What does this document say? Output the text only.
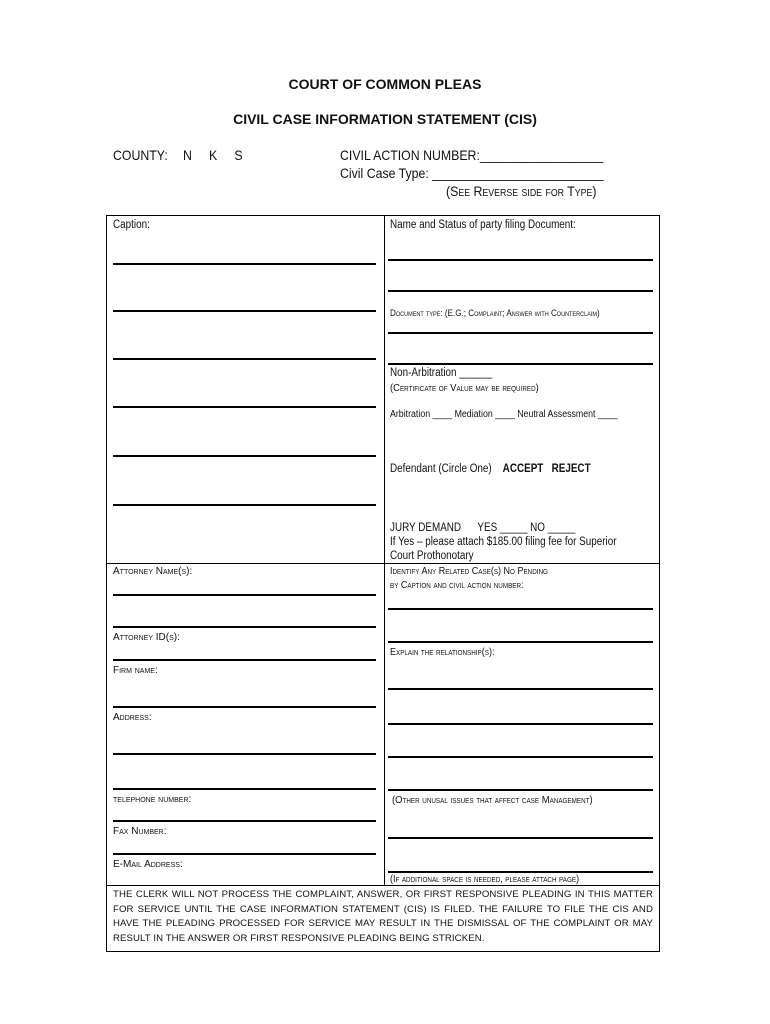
COURT OF COMMON PLEAS
CIVIL CASE INFORMATION STATEMENT (CIS)
COUNTY: N     K     S	CIVIL ACTION NUMBER:__________________
Civil Case Type: _________________________
(See Reverse side for Type)
Caption:
Attorney Name(s):
Attorney ID(s):
Firm name:
Address:
telephone number:
Fax Number:
E-Mail Address:
Name and Status of party filing Document:
Document type: (E.G.; Complaint; Answer with Counterclaim)
Non-Arbitration ______
(Certificate of Value may be required)
Arbitration ____ Mediation ____ Neutral Assessment ____
Defendant (Circle One) ACCEPT REJECT
JURY DEMAND      YES _____ NO _____
If Yes – please attach $185.00 filing fee for Superior
Court Prothonotary
Identify Any Related Case(s) No Pending
by Caption and civil action number:
Explain the relationship(s):
(Other unusal issues that affect case Management)
(If additional space is needed, please attach page)
THE CLERK WILL NOT PROCESS THE COMPLAINT, ANSWER, OR FIRST RESPONSIVE PLEADING IN THIS MATTER FOR SERVICE UNTIL THE CASE INFORMATION STATEMENT (CIS) IS FILED. THE FAILURE TO FILE THE CIS AND HAVE THE PLEADING PROCESSED FOR SERVICE MAY RESULT IN THE DISMISSAL OF THE COMPLAINT OR MAY RESULT IN THE ANSWER OR FIRST RESPONSIVE PLEADING BEING STRICKEN.
